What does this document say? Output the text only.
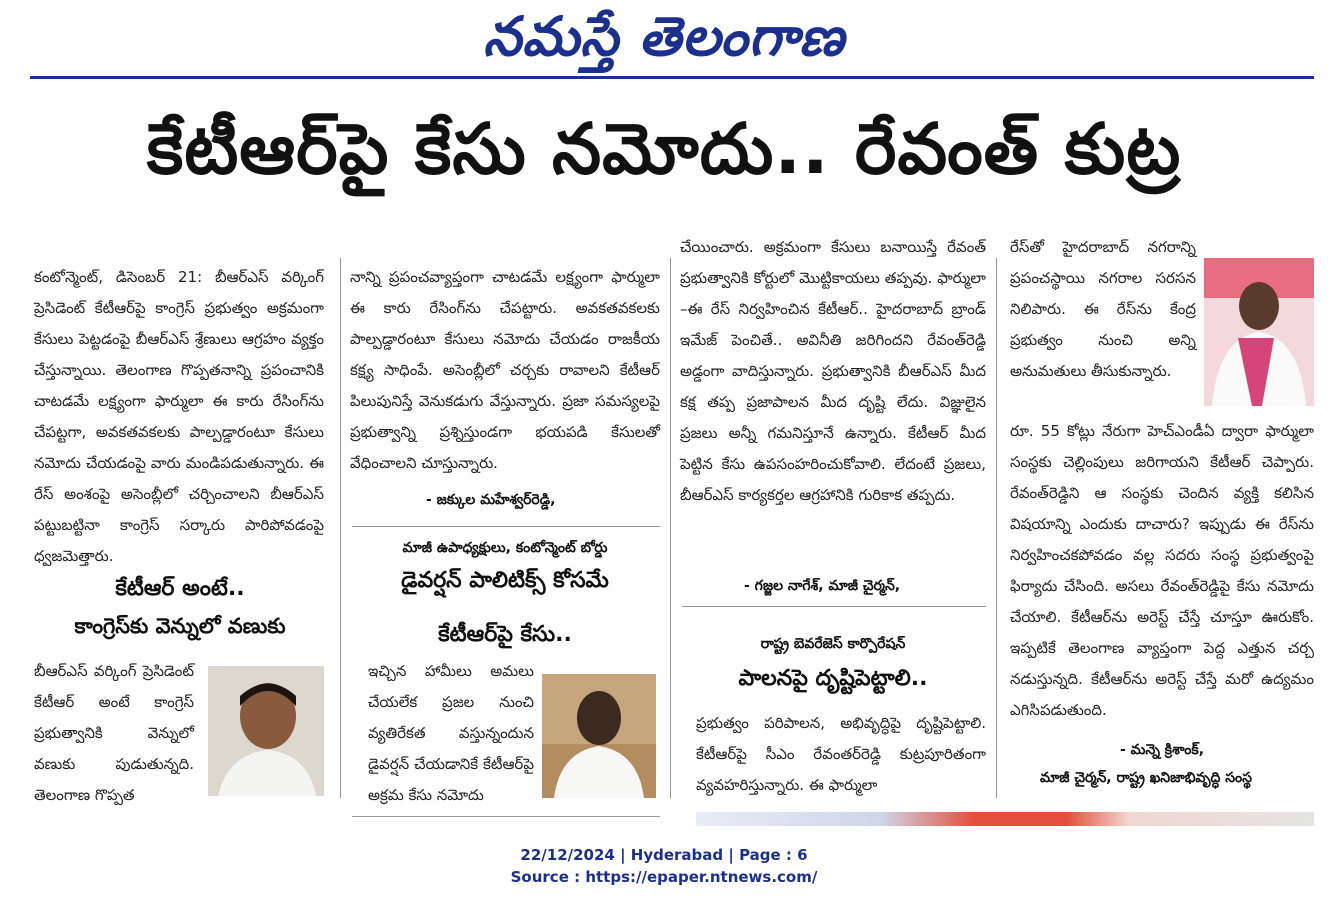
నమస్తే తెలంగాణ
కేటీఆర్‌పై కేసు నమోదు.. రేవంత్ కుట్ర

కంటోన్మెంట్, డిసెంబర్ 21: బీఆర్ఎస్ వర్కింగ్ ప్రెసిడెంట్ కేటీఆర్‌పై కాంగ్రెస్ ప్రభుత్వం అక్రమంగా కేసులు పెట్టడంపై బీఆర్ఎస్ శ్రేణులు ఆగ్రహం వ్యక్తం చేస్తున్నాయి. తెలంగాణ గొప్పతనాన్ని ప్రపంచానికి చాటడమే లక్ష్యంగా ఫార్ములా ఈ కారు రేసింగ్‌ను చేపట్టగా, అవకతవకలకు పాల్పడ్డారంటూ కేసులు నమోదు చేయడంపై వారు మండిపడుతున్నారు. ఈ రేస్ అంశంపై అసెంబ్లీలో చర్చించాలని బీఆర్ఎస్ పట్టుబట్టినా కాంగ్రెస్ సర్కారు పారిపోవడంపై ధ్వజమెత్తారు.

కేటీఆర్ అంటే..
కాంగ్రెస్‌కు వెన్నులో వణుకు

బీఆర్ఎస్ వర్కింగ్ ప్రెసిడెంట్ కేటీఆర్ అంటే కాంగ్రెస్ ప్రభుత్వానికి వెన్నులో వణుకు పుడుతున్నది. తెలంగాణ గొప్పత

నాన్ని ప్రపంచవ్యాప్తంగా చాటడమే లక్ష్యంగా ఫార్ములా ఈ కారు రేసింగ్‌ను చేపట్టారు. అవకతవకలకు పాల్పడ్డారంటూ కేసులు నమోదు చేయడం రాజకీయ కక్ష్య సాధింపే. అసెంబ్లీలో చర్చకు రావాలని కేటీఆర్ పిలుపునిస్తే వెనుకడుగు వేస్తున్నారు. ప్రజా సమస్యలపై ప్రభుత్వాన్ని ప్రశ్నిస్తుండగా భయపడి కేసులతో వేధించాలని చూస్తున్నారు.

- జక్కుల మహేశ్వర్‌రెడ్డి,
మాజీ ఉపాధ్యక్షులు, కంటోన్మెంట్ బోర్డు
డైవర్షన్ పాలిటిక్స్ కోసమే
కేటీఆర్‌పై కేసు..

ఇచ్చిన హామీలు అమలు చేయలేక ప్రజల నుంచి వ్యతిరేకత వస్తున్నందున డైవర్షన్ చేయడానికే కేటీఆర్‌పై అక్రమ కేసు నమోదు

చేయించారు. అక్రమంగా కేసులు బనాయిస్తే రేవంత్ ప్రభుత్వానికి కోర్టులో మొట్టికాయలు తప్పవు. ఫార్ములా –ఈ రేస్ నిర్వహించిన కేటీఆర్.. హైదరాబాద్ బ్రాండ్ ఇమేజ్ పెంచితే.. అవినీతి జరిగిందని రేవంత్‌రెడ్డి అడ్డంగా వాదిస్తున్నారు. ప్రభుత్వానికి బీఆర్ఎస్ మీద కక్ష తప్ప ప్రజాపాలన మీద దృష్టి లేదు. విజ్ఞులైన ప్రజలు అన్నీ గమనిస్తూనే ఉన్నారు. కేటీఆర్ మీద పెట్టిన కేసు ఉపసంహరించుకోవాలి. లేదంటే ప్రజలు, బీఆర్ఎస్ కార్యకర్తల ఆగ్రహానికి గురికాక తప్పదు.

- గజ్జల నాగేశ్, మాజీ చైర్మన్,
రాష్ట్ర బెవరేజెస్ కార్పొరేషన్
పాలనపై దృష్టిపెట్టాలి..

ప్రభుత్వం పరిపాలన, అభివృద్ధిపై దృష్టిపెట్టాలి. కేటీఆర్‌పై సీఎం రేవంతర్‌రెడ్డి కుట్రపూరితంగా వ్యవహరిస్తున్నారు. ఈ ఫార్ములా

రేస్‌తో హైదరాబాద్ నగరాన్ని ప్రపంచస్థాయి నగరాల సరసన నిలిపారు. ఈ రేస్‌ను కేంద్ర ప్రభుత్వం నుంచి అన్ని అనుమతులు తీసుకున్నారు.

రూ. 55 కోట్లు నేరుగా హెచ్ఎండీఏ ద్వారా ఫార్ములా సంస్థకు చెల్లింపులు జరిగాయని కేటీఆర్ చెప్పారు. రేవంత్‌రెడ్డిని ఆ సంస్థకు చెందిన వ్యక్తి కలిసిన విషయాన్ని ఎందుకు దాచారు? ఇప్పుడు ఈ రేస్‌ను నిర్వహించకపోవడం వల్ల సదరు సంస్థ ప్రభుత్వంపై ఫిర్యాదు చేసింది. అసలు రేవంత్‌రెడ్డిపై కేసు నమోదు చేయాలి. కేటీఆర్‌ను అరెస్ట్ చేస్తే చూస్తూ ఊరుకోం. ఇప్పటికే తెలంగాణ వ్యాప్తంగా పెద్ద ఎత్తున చర్చ నడుస్తున్నది. కేటీఆర్‌ను అరెస్ట్ చేస్తే మరో ఉద్యమం ఎగిసిపడుతుంది.

- మన్నె క్రిశాంక్,
మాజీ చైర్మన్, రాష్ట్ర ఖనిజాభివృద్ధి సంస్థ
22/12/2024 | Hyderabad | Page : 6
Source : https://epaper.ntnews.com/
